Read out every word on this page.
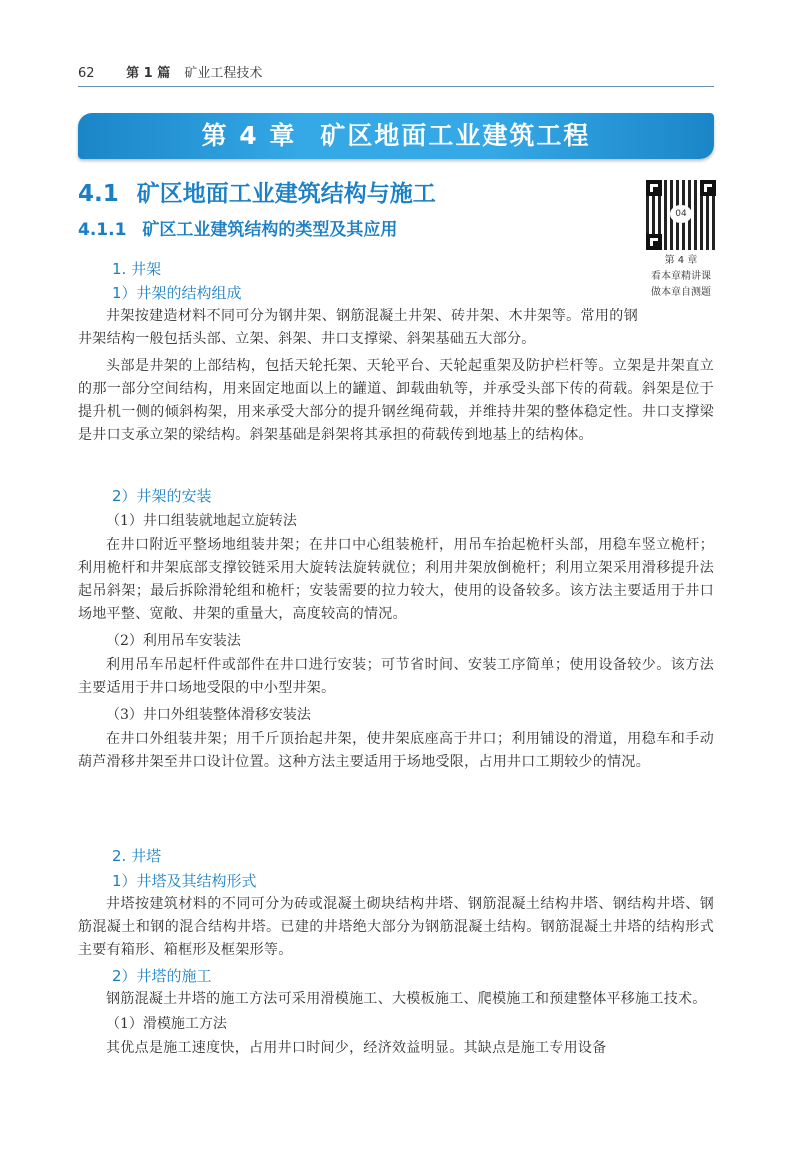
62 第 1 篇 矿业工程技术
第 4 章 矿区地面工业建筑工程
4.1 矿区地面工业建筑结构与施工
4.1.1 矿区工业建筑结构的类型及其应用
04
第 4 章
看本章精讲课
做本章自测题
1. 井架
1）井架的结构组成

井架按建造材料不同可分为钢井架、钢筋混凝土井架、砖井架、木井架等。常用的钢井架结构一般包括头部、立架、斜架、井口支撑梁、斜架基础五大部分。

头部是井架的上部结构，包括天轮托架、天轮平台、天轮起重架及防护栏杆等。立架是井架直立的那一部分空间结构，用来固定地面以上的罐道、卸载曲轨等，并承受头部下传的荷载。斜架是位于提升机一侧的倾斜构架，用来承受大部分的提升钢丝绳荷载，并维持井架的整体稳定性。井口支撑梁是井口支承立架的梁结构。斜架基础是斜架将其承担的荷载传到地基上的结构体。

2）井架的安装
（1）井口组装就地起立旋转法

在井口附近平整场地组装井架；在井口中心组装桅杆，用吊车抬起桅杆头部，用稳车竖立桅杆；利用桅杆和井架底部支撑铰链采用大旋转法旋转就位；利用井架放倒桅杆；利用立架采用滑移提升法起吊斜架；最后拆除滑轮组和桅杆；安装需要的拉力较大，使用的设备较多。该方法主要适用于井口场地平整、宽敞、井架的重量大，高度较高的情况。

（2）利用吊车安装法

利用吊车吊起杆件或部件在井口进行安装；可节省时间、安装工序简单；使用设备较少。该方法主要适用于井口场地受限的中小型井架。

（3）井口外组装整体滑移安装法

在井口外组装井架；用千斤顶抬起井架，使井架底座高于井口；利用铺设的滑道，用稳车和手动葫芦滑移井架至井口设计位置。这种方法主要适用于场地受限，占用井口工期较少的情况。

2. 井塔
1）井塔及其结构形式

井塔按建筑材料的不同可分为砖或混凝土砌块结构井塔、钢筋混凝土结构井塔、钢结构井塔、钢筋混凝土和钢的混合结构井塔。已建的井塔绝大部分为钢筋混凝土结构。钢筋混凝土井塔的结构形式主要有箱形、箱框形及框架形等。

2）井塔的施工

钢筋混凝土井塔的施工方法可采用滑模施工、大模板施工、爬模施工和预建整体平移施工技术。

（1）滑模施工方法

其优点是施工速度快，占用井口时间少，经济效益明显。其缺点是施工专用设备
